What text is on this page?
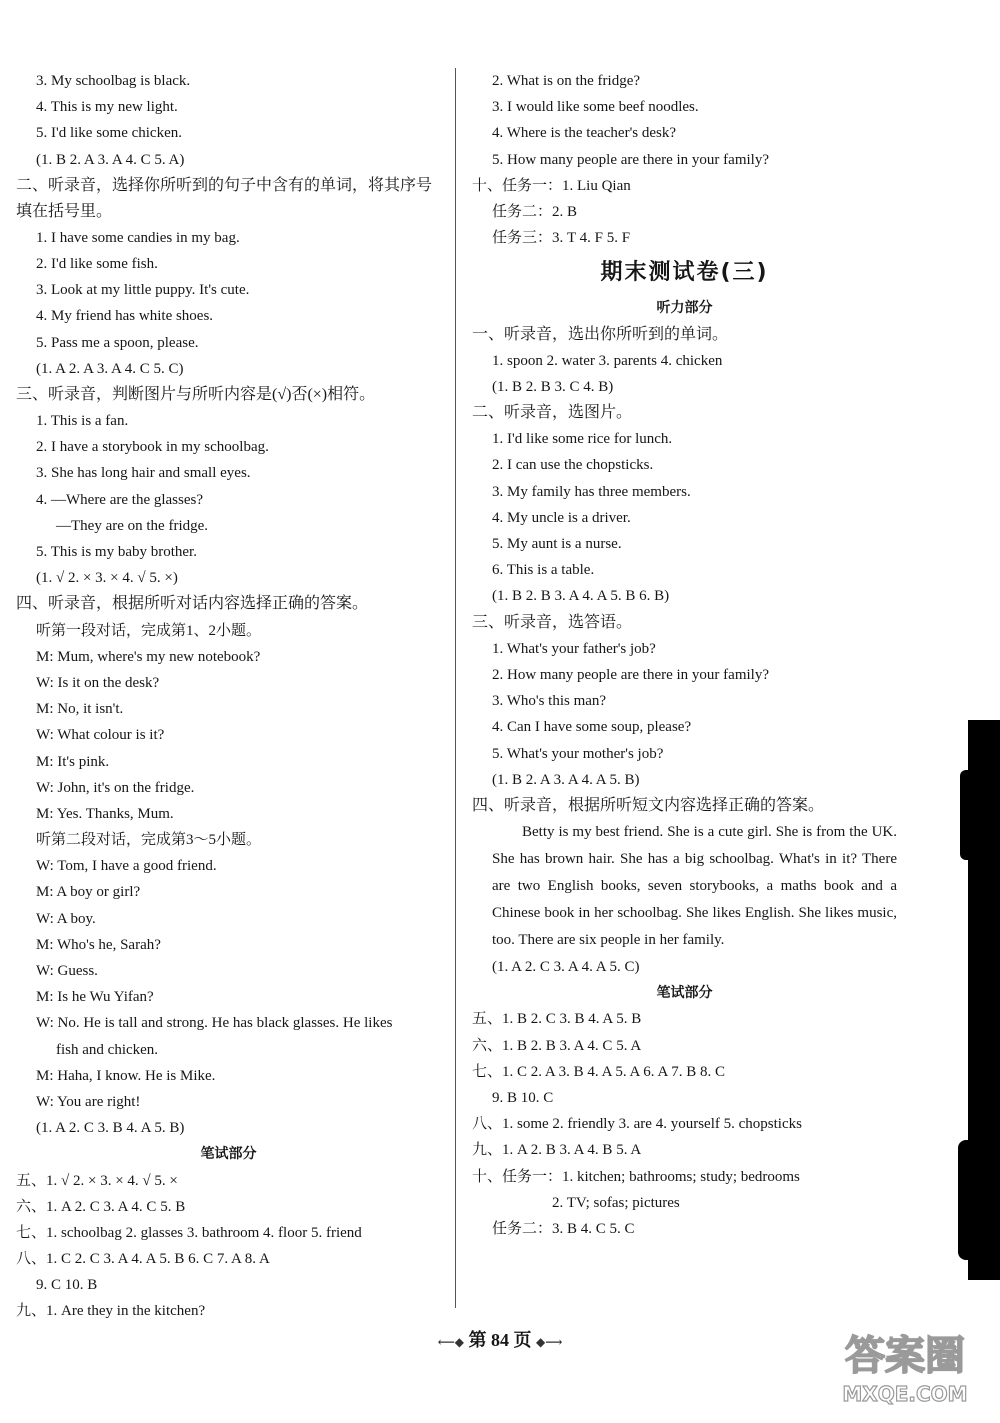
3. My schoolbag is black.
4. This is my new light.
5. I'd like some chicken.
(1. B 2. A 3. A 4. C 5. A)
二、听录音，选择你所听到的句子中含有的单词，将其序号填在括号里。
1. I have some candies in my bag.
2. I'd like some fish.
3. Look at my little puppy. It's cute.
4. My friend has white shoes.
5. Pass me a spoon, please.
(1. A 2. A 3. A 4. C 5. C)
三、听录音，判断图片与所听内容是(√)否(×)相符。
1. This is a fan.
2. I have a storybook in my schoolbag.
3. She has long hair and small eyes.
4. —Where are the glasses?
—They are on the fridge.
5. This is my baby brother.
(1. √ 2. × 3. × 4. √ 5. ×)
四、听录音，根据所听对话内容选择正确的答案。
听第一段对话，完成第1、2小题。
M: Mum, where's my new notebook?
W: Is it on the desk?
M: No, it isn't.
W: What colour is it?
M: It's pink.
W: John, it's on the fridge.
M: Yes. Thanks, Mum.
听第二段对话，完成第3～5小题。
W: Tom, I have a good friend.
M: A boy or girl?
W: A boy.
M: Who's he, Sarah?
W: Guess.
M: Is he Wu Yifan?
W: No. He is tall and strong. He has black glasses. He likes
fish and chicken.
M: Haha, I know. He is Mike.
W: You are right!
(1. A 2. C 3. B 4. A 5. B)
笔试部分
五、1. √ 2. × 3. × 4. √ 5. ×
六、1. A 2. C 3. A 4. C 5. B
七、1. schoolbag 2. glasses 3. bathroom 4. floor 5. friend
八、1. C 2. C 3. A 4. A 5. B 6. C 7. A 8. A
9. C 10. B
九、1. Are they in the kitchen?
2. What is on the fridge?
3. I would like some beef noodles.
4. Where is the teacher's desk?
5. How many people are there in your family?
十、任务一：1. Liu Qian
任务二：2. B
任务三：3. T 4. F 5. F
期末测试卷(三)
听力部分
一、听录音，选出你所听到的单词。
1. spoon 2. water 3. parents 4. chicken
(1. B 2. B 3. C 4. B)
二、听录音，选图片。
1. I'd like some rice for lunch.
2. I can use the chopsticks.
3. My family has three members.
4. My uncle is a driver.
5. My aunt is a nurse.
6. This is a table.
(1. B 2. B 3. A 4. A 5. B 6. B)
三、听录音，选答语。
1. What's your father's job?
2. How many people are there in your family?
3. Who's this man?
4. Can I have some soup, please?
5. What's your mother's job?
(1. B 2. A 3. A 4. A 5. B)
四、听录音，根据所听短文内容选择正确的答案。
Betty is my best friend. She is a cute girl. She is from the UK. She has brown hair. She has a big schoolbag. What's in it? There are two English books, seven storybooks, a maths book and a Chinese book in her schoolbag. She likes English. She likes music, too. There are six people in her family.
(1. A 2. C 3. A 4. A 5. C)
笔试部分
五、1. B 2. C 3. B 4. A 5. B
六、1. B 2. B 3. A 4. C 5. A
七、1. C 2. A 3. B 4. A 5. A 6. A 7. B 8. C
9. B 10. C
八、1. some 2. friendly 3. are 4. yourself 5. chopsticks
九、1. A 2. B 3. A 4. B 5. A
十、任务一：1. kitchen; bathrooms; study; bedrooms
2. TV; sofas; pictures
任务二：3. B 4. C 5. C
⟵◆ 第 84 页 ◆⟶	答案圈
MXQE.COM
